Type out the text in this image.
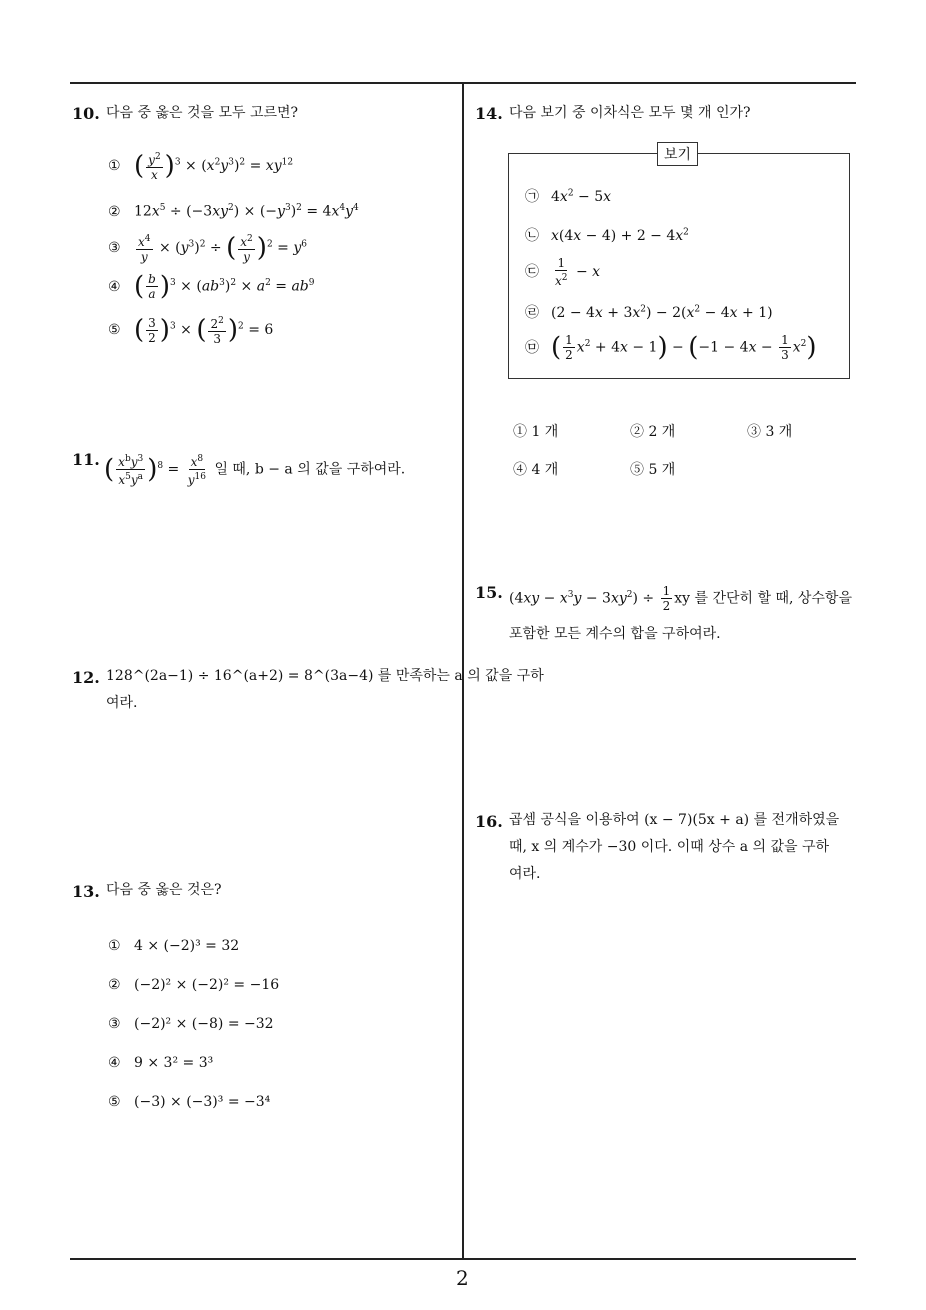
10. 다음 중 옳은 것을 모두 고르면?
① ( $\frac{y^2}{x} )^3 \times (x^2y^3)^2 = xy^{12}$
② $12x^5 \div (-3xy^2) \times (-y^3)^2 = 4x^4y^4$
③ $\frac{x^4}{y} \times (y^3)^2$ ÷ ( $\frac{x^2}{y} )^2 = y^6$
④ ( $\frac{b}{a} )^3 \times (ab^3)^2 \times a^2 = ab^9$
⑤ ( $\frac{3}{2} )^3$ × ( $\frac{2^2}{3} )^2 = 6$
11. ( $\frac{x^by^3}{x^5y^a} )^8 = \frac{x^8}{y^{16}}$ 일 때, b − a 의 값을 구하여라.
12. 128^(2a−1) ÷ 16^(a+2) = 8^(3a−4) 를 만족하는 a 의 값을 구하
여라.
13. 다음 중 옳은 것은?
① 4 × (−2)³ = 32
② (−2)² × (−2)² = −16
③ (−2)² × (−8) = −32
④ 9 × 3² = 3³
⑤ (−3) × (−3)³ = −3⁴
14. 다음 보기 중 이차식은 모두 몇 개 인가?
보기
㉠ $4x^2 - 5x$
㉡ $x(4x - 4) + 2 - 4x^2$
㉢ $\frac{1}{x^2} - x$
㉣ $(2 - 4x + 3x^2) - 2(x^2 - 4x + 1)$
㉤ ( $\frac{1}{2} x^2 + 4x - 1) - (-1 - 4x - \frac{1}{3} x^2)$
① 1 개	② 2 개	③ 3 개
④ 4 개	⑤ 5 개
15. $(4xy - x^3y - 3xy^2) \div \frac{1}{2}$ xy 를 간단히 할 때, 상수항을
포함한 모든 계수의 합을 구하여라.
16. 곱셈 공식을 이용하여 (x − 7)(5x + a) 를 전개하였을
때, x 의 계수가 −30 이다. 이때 상수 a 의 값을 구하
여라.
2
